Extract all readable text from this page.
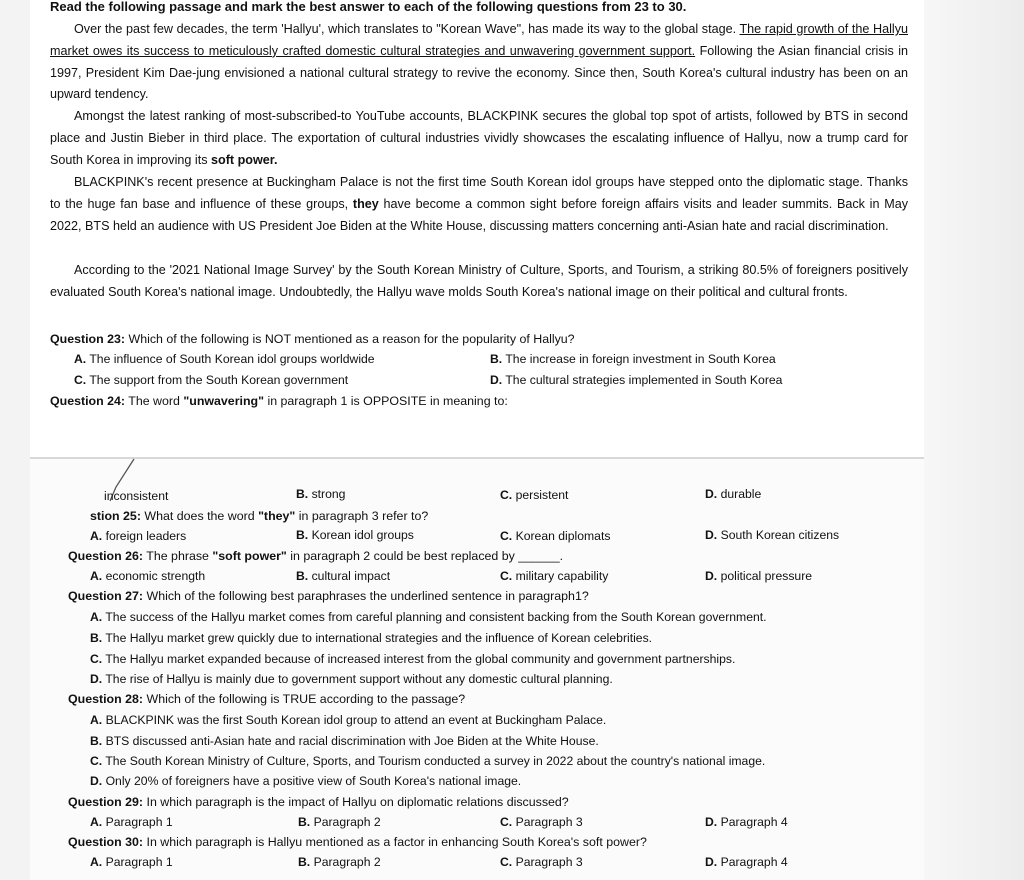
Read the following passage and mark the best answer to each of the following questions from 23 to 30.

Over the past few decades, the term 'Hallyu', which translates to "Korean Wave", has made its way to the global stage. The rapid growth of the Hallyu market owes its success to meticulously crafted domestic cultural strategies and unwavering government support. Following the Asian financial crisis in 1997, President Kim Dae-jung envisioned a national cultural strategy to revive the economy. Since then, South Korea's cultural industry has been on an upward tendency.

Amongst the latest ranking of most-subscribed-to YouTube accounts, BLACKPINK secures the global top spot of artists, followed by BTS in second place and Justin Bieber in third place. The exportation of cultural industries vividly showcases the escalating influence of Hallyu, now a trump card for South Korea in improving its soft power.

BLACKPINK's recent presence at Buckingham Palace is not the first time South Korean idol groups have stepped onto the diplomatic stage. Thanks to the huge fan base and influence of these groups, they have become a common sight before foreign affairs visits and leader summits. Back in May 2022, BTS held an audience with US President Joe Biden at the White House, discussing matters concerning anti-Asian hate and racial discrimination.

According to the '2021 National Image Survey' by the South Korean Ministry of Culture, Sports, and Tourism, a striking 80.5% of foreigners positively evaluated South Korea's national image. Undoubtedly, the Hallyu wave molds South Korea's national image on their political and cultural fronts.

Question 23: Which of the following is NOT mentioned as a reason for the popularity of Hallyu?
A. The influence of South Korean idol groups worldwide	B. The increase in foreign investment in South Korea
C. The support from the South Korean government	D. The cultural strategies implemented in South Korea
Question 24: The word "unwavering" in paragraph 1 is OPPOSITE in meaning to:
inconsistent	B. strong	C. persistent	D. durable
stion 25: What does the word "they" in paragraph 3 refer to?
A. foreign leaders	B. Korean idol groups	C. Korean diplomats	D. South Korean citizens
Question 26: The phrase "soft power" in paragraph 2 could be best replaced by ______.
A. economic strength	B. cultural impact	C. military capability	D. political pressure
Question 27: Which of the following best paraphrases the underlined sentence in paragraph1?
A. The success of the Hallyu market comes from careful planning and consistent backing from the South Korean government.
B. The Hallyu market grew quickly due to international strategies and the influence of Korean celebrities.
C. The Hallyu market expanded because of increased interest from the global community and government partnerships.
D. The rise of Hallyu is mainly due to government support without any domestic cultural planning.
Question 28: Which of the following is TRUE according to the passage?
A. BLACKPINK was the first South Korean idol group to attend an event at Buckingham Palace.
B. BTS discussed anti-Asian hate and racial discrimination with Joe Biden at the White House.
C. The South Korean Ministry of Culture, Sports, and Tourism conducted a survey in 2022 about the country's national image.
D. Only 20% of foreigners have a positive view of South Korea's national image.
Question 29: In which paragraph is the impact of Hallyu on diplomatic relations discussed?
A. Paragraph 1	B. Paragraph 2	C. Paragraph 3	D. Paragraph 4
Question 30: In which paragraph is Hallyu mentioned as a factor in enhancing South Korea's soft power?
A. Paragraph 1	B. Paragraph 2	C. Paragraph 3	D. Paragraph 4
